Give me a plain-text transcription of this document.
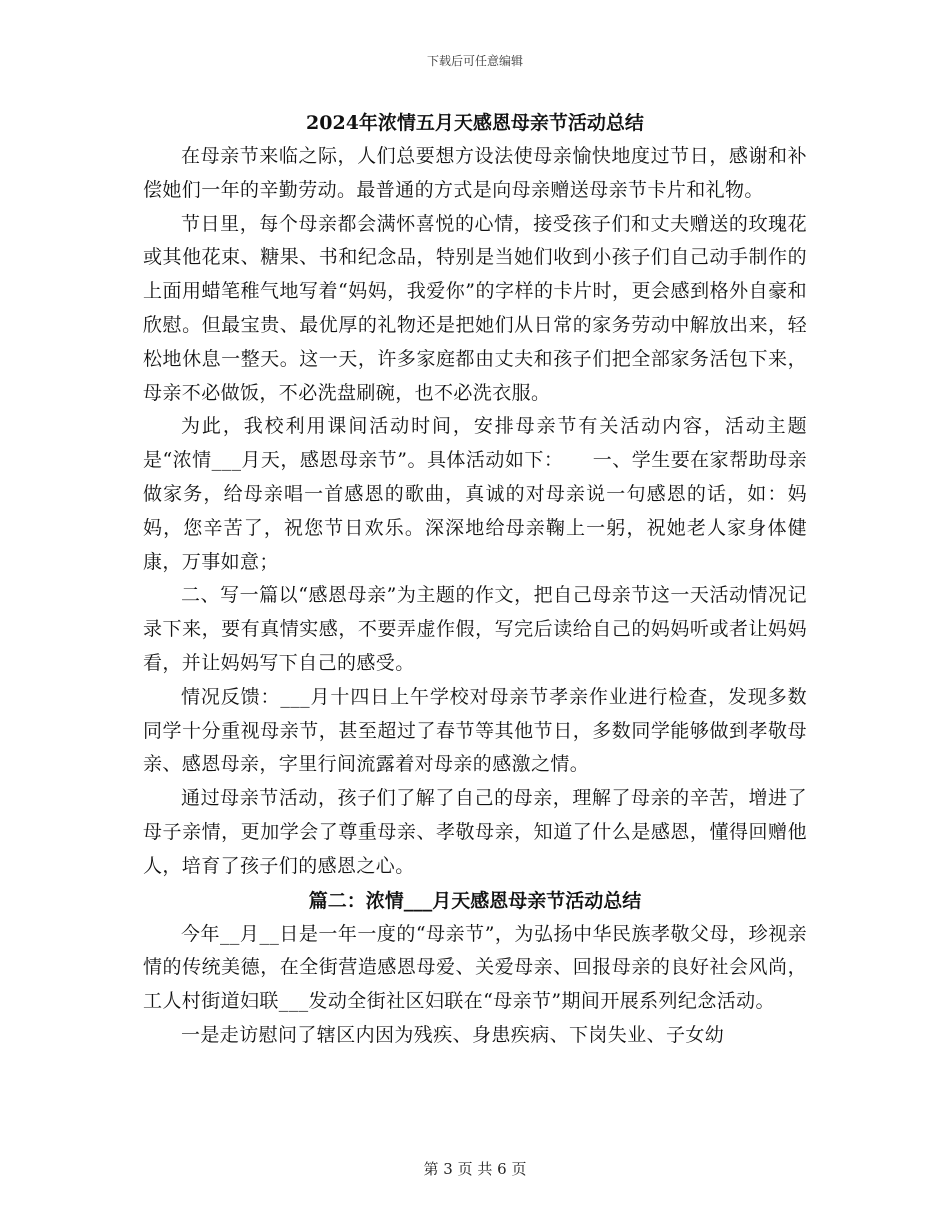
下载后可任意编辑
2024年浓情五月天感恩母亲节活动总结

在母亲节来临之际，人们总要想方设法使母亲愉快地度过节日，感谢和补偿她们一年的辛勤劳动。最普通的方式是向母亲赠送母亲节卡片和礼物。

节日里，每个母亲都会满怀喜悦的心情，接受孩子们和丈夫赠送的玫瑰花或其他花束、糖果、书和纪念品，特别是当她们收到小孩子们自己动手制作的上面用蜡笔稚气地写着“妈妈，我爱你”的字样的卡片时，更会感到格外自豪和欣慰。但最宝贵、最优厚的礼物还是把她们从日常的家务劳动中解放出来，轻松地休息一整天。这一天，许多家庭都由丈夫和孩子们把全部家务活包下来，母亲不必做饭，不必洗盘刷碗，也不必洗衣服。

为此，我校利用课间活动时间，安排母亲节有关活动内容，活动主题是“浓情___月天，感恩母亲节”。具体活动如下：　　一、学生要在家帮助母亲做家务，给母亲唱一首感恩的歌曲，真诚的对母亲说一句感恩的话，如：妈妈，您辛苦了，祝您节日欢乐。深深地给母亲鞠上一躬，祝她老人家身体健康，万事如意；

二、写一篇以“感恩母亲”为主题的作文，把自己母亲节这一天活动情况记录下来，要有真情实感，不要弄虚作假，写完后读给自己的妈妈听或者让妈妈看，并让妈妈写下自己的感受。

情况反馈：___月十四日上午学校对母亲节孝亲作业进行检查，发现多数同学十分重视母亲节，甚至超过了春节等其他节日，多数同学能够做到孝敬母亲、感恩母亲，字里行间流露着对母亲的感激之情。

通过母亲节活动，孩子们了解了自己的母亲，理解了母亲的辛苦，增进了母子亲情，更加学会了尊重母亲、孝敬母亲，知道了什么是感恩，懂得回赠他人，培育了孩子们的感恩之心。

篇二：浓情___月天感恩母亲节活动总结

今年__月__日是一年一度的“母亲节”，为弘扬中华民族孝敬父母，珍视亲情的传统美德，在全街营造感恩母爱、关爱母亲、回报母亲的良好社会风尚，工人村街道妇联___发动全街社区妇联在“母亲节”期间开展系列纪念活动。

一是走访慰问了辖区内因为残疾、身患疾病、下岗失业、子女幼

第 3 页 共 6 页
